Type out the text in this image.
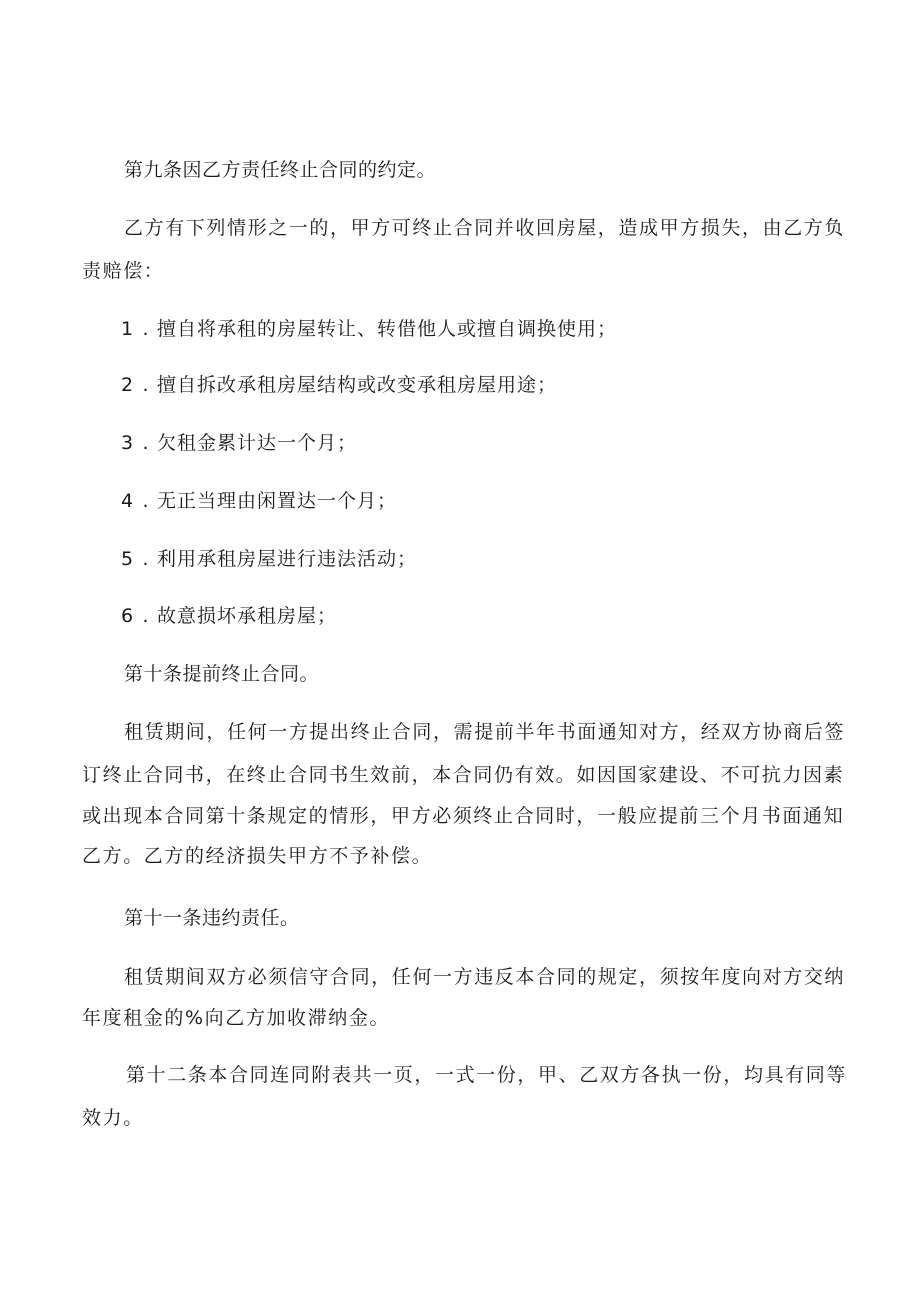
第九条因乙方责任终止合同的约定。

乙方有下列情形之一的，甲方可终止合同并收回房屋，造成甲方损失，由乙方负

责赔偿：

1 . 擅自将承租的房屋转让、转借他人或擅自调换使用；

2 . 擅自拆改承租房屋结构或改变承租房屋用途；

3 . 欠租金累计达一个月；

4 . 无正当理由闲置达一个月；

5 . 利用承租房屋进行违法活动；

6 . 故意损坏承租房屋；

第十条提前终止合同。

租赁期间，任何一方提出终止合同，需提前半年书面通知对方，经双方协商后签

订终止合同书，在终止合同书生效前，本合同仍有效。如因国家建设、不可抗力因素

或出现本合同第十条规定的情形，甲方必须终止合同时，一般应提前三个月书面通知

乙方。乙方的经济损失甲方不予补偿。

第十一条违约责任。

租赁期间双方必须信守合同，任何一方违反本合同的规定，须按年度向对方交纳

年度租金的%向乙方加收滞纳金。

第十二条本合同连同附表共一页，一式一份，甲、乙双方各执一份，均具有同等

效力。
